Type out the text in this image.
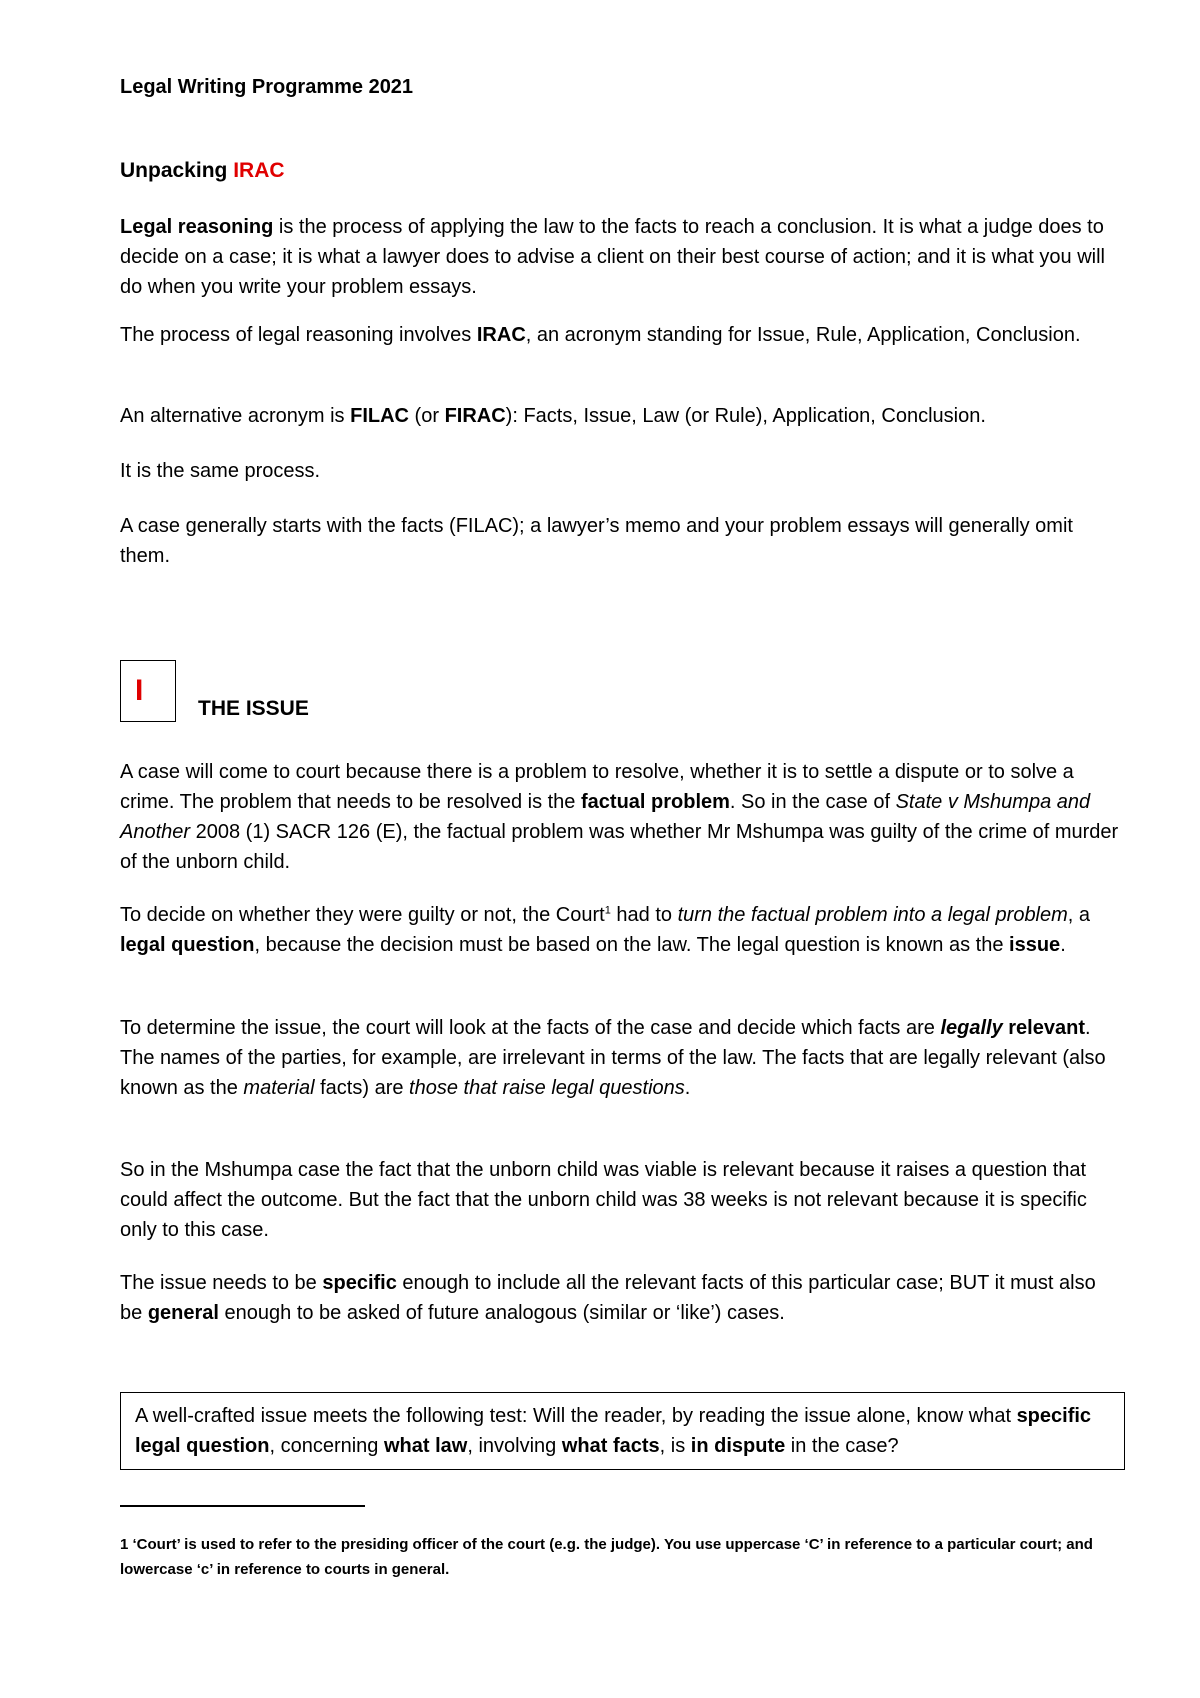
Legal Writing Programme 2021
Unpacking IRAC

Legal reasoning is the process of applying the law to the facts to reach a conclusion. It is what a judge does to decide on a case; it is what a lawyer does to advise a client on their best course of action; and it is what you will do when you write your problem essays.

The process of legal reasoning involves IRAC, an acronym standing for Issue, Rule, Application, Conclusion.

An alternative acronym is FILAC (or FIRAC): Facts, Issue, Law (or Rule), Application, Conclusion.

It is the same process.

A case generally starts with the facts (FILAC); a lawyer’s memo and your problem essays will generally omit them.

I
THE ISSUE

A case will come to court because there is a problem to resolve, whether it is to settle a dispute or to solve a crime. The problem that needs to be resolved is the factual problem. So in the case of State v Mshumpa and Another 2008 (1) SACR 126 (E), the factual problem was whether Mr Mshumpa was guilty of the crime of murder of the unborn child.

To decide on whether they were guilty or not, the Court$^1$ had to turn the factual problem into a legal problem, a legal question, because the decision must be based on the law. The legal question is known as the issue.

To determine the issue, the court will look at the facts of the case and decide which facts are legally relevant. The names of the parties, for example, are irrelevant in terms of the law. The facts that are legally relevant (also known as the material facts) are those that raise legal questions.

So in the Mshumpa case the fact that the unborn child was viable is relevant because it raises a question that could affect the outcome. But the fact that the unborn child was 38 weeks is not relevant because it is specific only to this case.

The issue needs to be specific enough to include all the relevant facts of this particular case; BUT it must also be general enough to be asked of future analogous (similar or ‘like’) cases.

A well-crafted issue meets the following test: Will the reader, by reading the issue alone, know what specific legal question, concerning what law, involving what facts, is in dispute in the case?
1 ‘Court’ is used to refer to the presiding officer of the court (e.g. the judge). You use uppercase ‘C’ in reference to a particular court; and lowercase ‘c’ in reference to courts in general.
